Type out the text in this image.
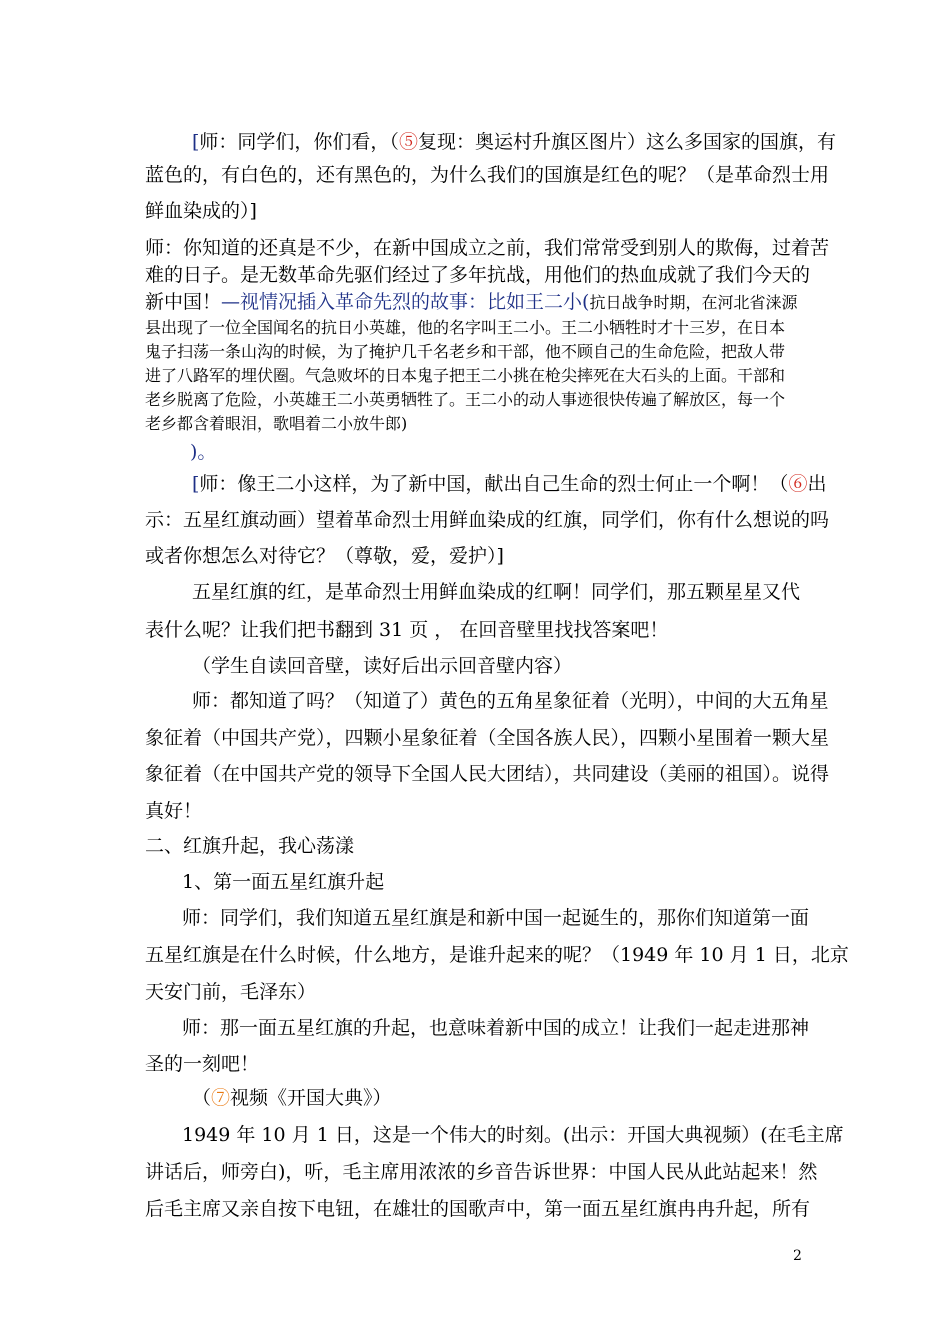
[师：同学们，你们看，（⑤复现：奥运村升旗区图片）这么多国家的国旗，有
蓝色的，有白色的，还有黑色的，为什么我们的国旗是红色的呢？（是革命烈士用
鲜血染成的）]
师：你知道的还真是不少，在新中国成立之前，我们常常受到别人的欺侮，过着苦
难的日子。是无数革命先驱们经过了多年抗战，用他们的热血成就了我们今天的
新中国！—视情况插入革命先烈的故事：比如王二小(抗日战争时期，在河北省涞源
县出现了一位全国闻名的抗日小英雄，他的名字叫王二小。王二小牺牲时才十三岁，在日本
鬼子扫荡一条山沟的时候，为了掩护几千名老乡和干部，他不顾自己的生命危险，把敌人带
进了八路军的埋伏圈。气急败坏的日本鬼子把王二小挑在枪尖摔死在大石头的上面。干部和
老乡脱离了危险，小英雄王二小英勇牺牲了。王二小的动人事迹很快传遍了解放区，每一个
老乡都含着眼泪，歌唱着二小放牛郎)
)。
[师：像王二小这样，为了新中国，献出自己生命的烈士何止一个啊！（⑥出
示：五星红旗动画）望着革命烈士用鲜血染成的红旗，同学们，你有什么想说的吗
或者你想怎么对待它？（尊敬，爱，爱护）]
五星红旗的红，是革命烈士用鲜血染成的红啊！同学们，那五颗星星又代
表什么呢？让我们把书翻到 31 页 ， 在回音壁里找找答案吧！
（学生自读回音壁，读好后出示回音壁内容）
师：都知道了吗？（知道了）黄色的五角星象征着（光明），中间的大五角星
象征着（中国共产党），四颗小星象征着（全国各族人民），四颗小星围着一颗大星
象征着（在中国共产党的领导下全国人民大团结），共同建设（美丽的祖国）。说得
真好！
二、红旗升起，我心荡漾
1、第一面五星红旗升起
师：同学们，我们知道五星红旗是和新中国一起诞生的，那你们知道第一面
五星红旗是在什么时候，什么地方，是谁升起来的呢？（1949 年 10 月 1 日，北京
天安门前，毛泽东）
师：那一面五星红旗的升起，也意味着新中国的成立！让我们一起走进那神
圣的一刻吧！
（⑦视频《开国大典》）
1949 年 10 月 1 日，这是一个伟大的时刻。(出示：开国大典视频）(在毛主席
讲话后，师旁白)，听，毛主席用浓浓的乡音告诉世界：中国人民从此站起来！然
后毛主席又亲自按下电钮，在雄壮的国歌声中，第一面五星红旗冉冉升起，所有
2
